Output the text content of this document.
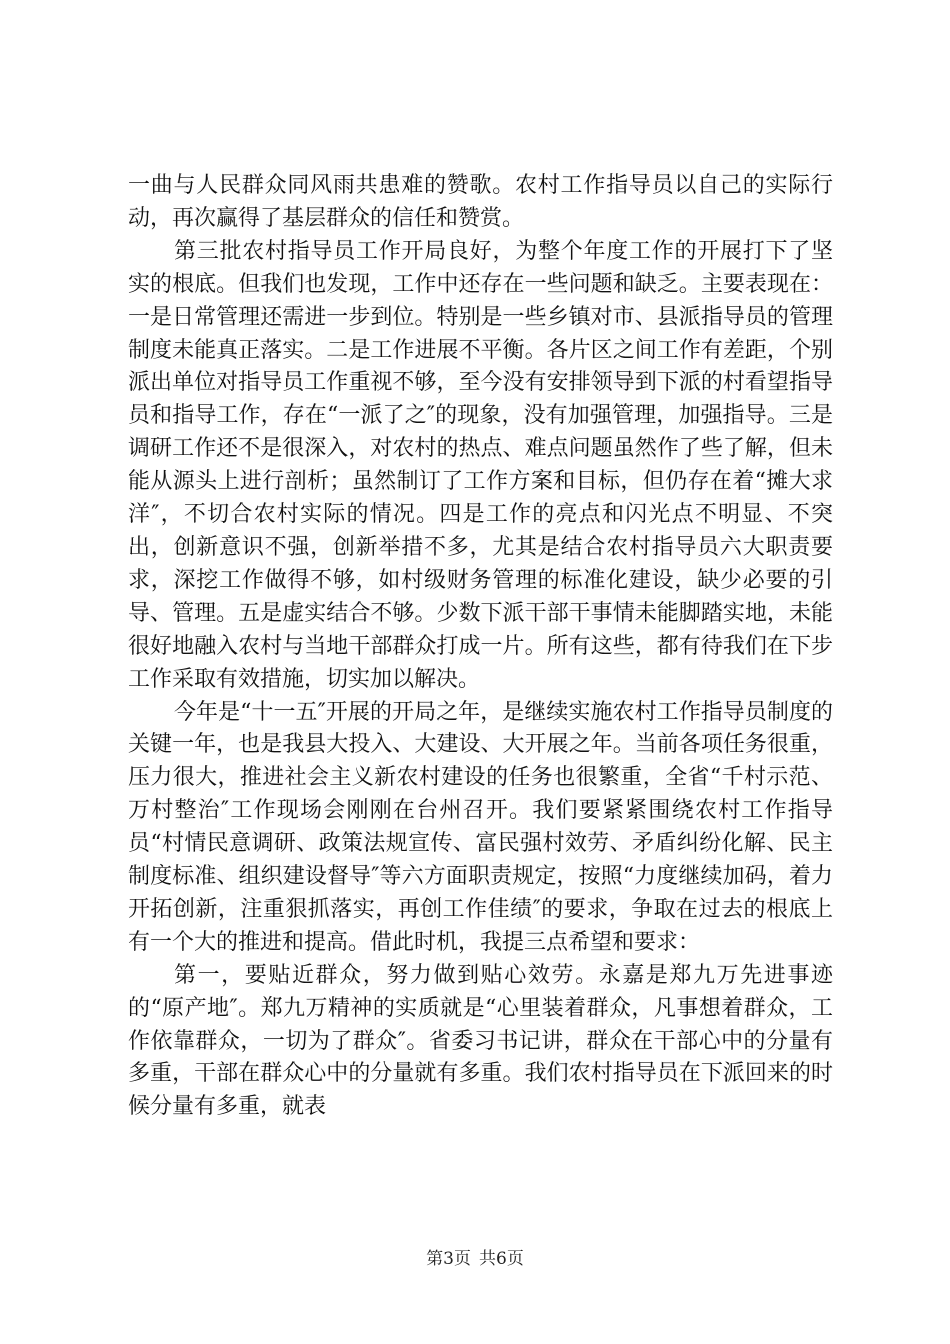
一曲与人民群众同风雨共患难的赞歌。农村工作指导员以自己的实际行动，再次赢得了基层群众的信任和赞赏。

第三批农村指导员工作开局良好，为整个年度工作的开展打下了坚实的根底。但我们也发现，工作中还存在一些问题和缺乏。主要表现在：一是日常管理还需进一步到位。特别是一些乡镇对市、县派指导员的管理制度未能真正落实。二是工作进展不平衡。各片区之间工作有差距，个别派出单位对指导员工作重视不够，至今没有安排领导到下派的村看望指导员和指导工作，存在“一派了之″的现象，没有加强管理，加强指导。三是调研工作还不是很深入，对农村的热点、难点问题虽然作了些了解，但未能从源头上进行剖析；虽然制订了工作方案和目标，但仍存在着“摊大求洋″，不切合农村实际的情况。四是工作的亮点和闪光点不明显、不突出，创新意识不强，创新举措不多，尤其是结合农村指导员六大职责要求，深挖工作做得不够，如村级财务管理的标准化建设，缺少必要的引导、管理。五是虚实结合不够。少数下派干部干事情未能脚踏实地，未能很好地融入农村与当地干部群众打成一片。所有这些，都有待我们在下步工作采取有效措施，切实加以解决。

今年是“十一五″开展的开局之年，是继续实施农村工作指导员制度的关键一年，也是我县大投入、大建设、大开展之年。当前各项任务很重，压力很大，推进社会主义新农村建设的任务也很繁重，全省“千村示范、万村整治″工作现场会刚刚在台州召开。我们要紧紧围绕农村工作指导员“村情民意调研、政策法规宣传、富民强村效劳、矛盾纠纷化解、民主制度标准、组织建设督导″等六方面职责规定，按照“力度继续加码，着力开拓创新，注重狠抓落实，再创工作佳绩″的要求，争取在过去的根底上有一个大的推进和提高。借此时机，我提三点希望和要求：

第一，要贴近群众，努力做到贴心效劳。永嘉是郑九万先进事迹的“原产地″。郑九万精神的实质就是“心里装着群众，凡事想着群众，工作依靠群众，一切为了群众″。省委习书记讲，群众在干部心中的分量有多重，干部在群众心中的分量就有多重。我们农村指导员在下派回来的时候分量有多重，就表

第3页 共6页
